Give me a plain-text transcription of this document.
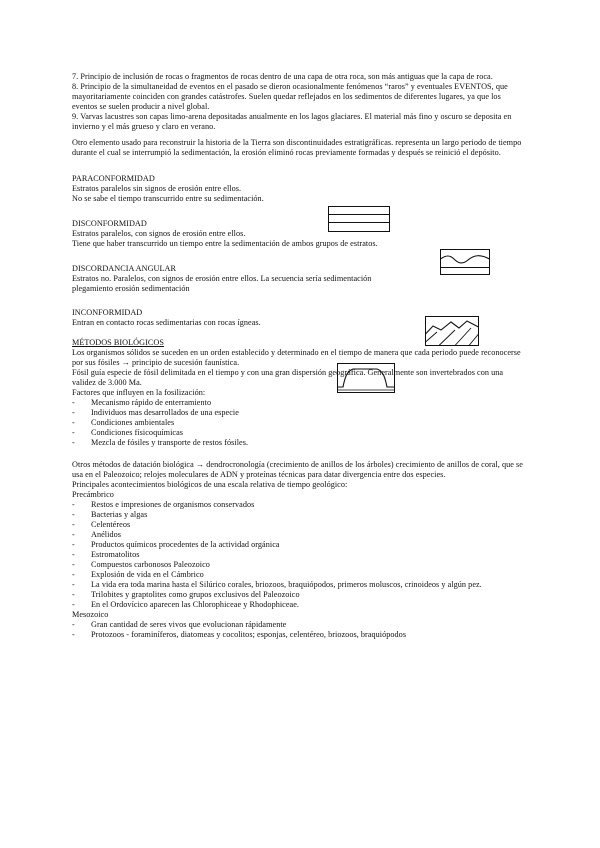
7. Principio de inclusión de rocas o fragmentos de rocas dentro de una capa de otra roca, son más antiguas que la capa de roca.

8. Principio de la simultaneidad de eventos en el pasado se dieron ocasionalmente fenómenos “raros” y eventuales EVENTOS, que mayoritariamente coinciden con grandes catástrofes. Suelen quedar reflejados en los sedimentos de diferentes lugares, ya que los eventos se suelen producir a nivel global.

9. Varvas lacustres son capas limo-arena depositadas anualmente en los lagos glaciares. El material más fino y oscuro se deposita en invierno y el más grueso y claro en verano.

Otro elemento usado para reconstruir la historia de la Tierra son discontinuidades estratigráficas. representa un largo periodo de tiempo durante el cual se interrumpió la sedimentación, la erosión eliminó rocas previamente formadas y después se reinició el depósito.

PARACONFORMIDAD

Estratos paralelos sin signos de erosión entre ellos.

No se sabe el tiempo transcurrido entre su sedimentación.

DISCONFORMIDAD

Estratos paralelos, con signos de erosión entre ellos.

Tiene que haber transcurrido un tiempo entre la sedimentación de ambos grupos de estratos.

DISCORDANCIA ANGULAR

Estratos no. Paralelos, con signos de erosión entre ellos. La secuencia sería sedimentación

plegamiento erosión sedimentación

INCONFORMIDAD

Entran en contacto rocas sedimentarias con rocas ígneas.

MÉTODOS BIOLÓGICOS

Los organismos sólidos se suceden en un orden establecido y determinado en el tiempo de manera que cada periodo puede reconocerse por sus fósiles → principio de sucesión faunística.

Fósil guía especie de fósil delimitada en el tiempo y con una gran dispersión geográfica. Generalmente son invertebrados con una validez de 3.000 Ma.

Factores que influyen en la fosilización:

- Mecanismo rápido de enterramiento
- Individuos mas desarrollados de una especie
- Condiciones ambientales
- Condiciones físicoquímicas
- Mezcla de fósiles y transporte de restos fósiles.

Otros métodos de datación biológica → dendrocronología (crecimiento de anillos de los árboles) crecimiento de anillos de coral, que se usa en el Paleozoico; relojes moleculares de ADN y proteínas técnicas para datar divergencia entre dos especies.

Principales acontecimientos biológicos de una escala relativa de tiempo geológico:

Precámbrico

- Restos e impresiones de organismos conservados
- Bacterias y algas
- Celentéreos
- Anélidos
- Productos químicos procedentes de la actividad orgánica
- Estromatolitos
- Compuestos carbonosos Paleozoico
- Explosión de vida en el Cámbrico
- La vida era toda marina hasta el Silúrico corales, briozoos, braquiópodos, primeros moluscos, crinoideos y algún pez.
- Trilobites y graptolites como grupos exclusivos del Paleozoico
- En el Ordovícico aparecen las Chlorophiceae y Rhodophiceae.

Mesozoico

- Gran cantidad de seres vivos que evolucionan rápidamente
- Protozoos - foraminíferos, diatomeas y cocolitos; esponjas, celentéreo, briozoos, braquiópodos
